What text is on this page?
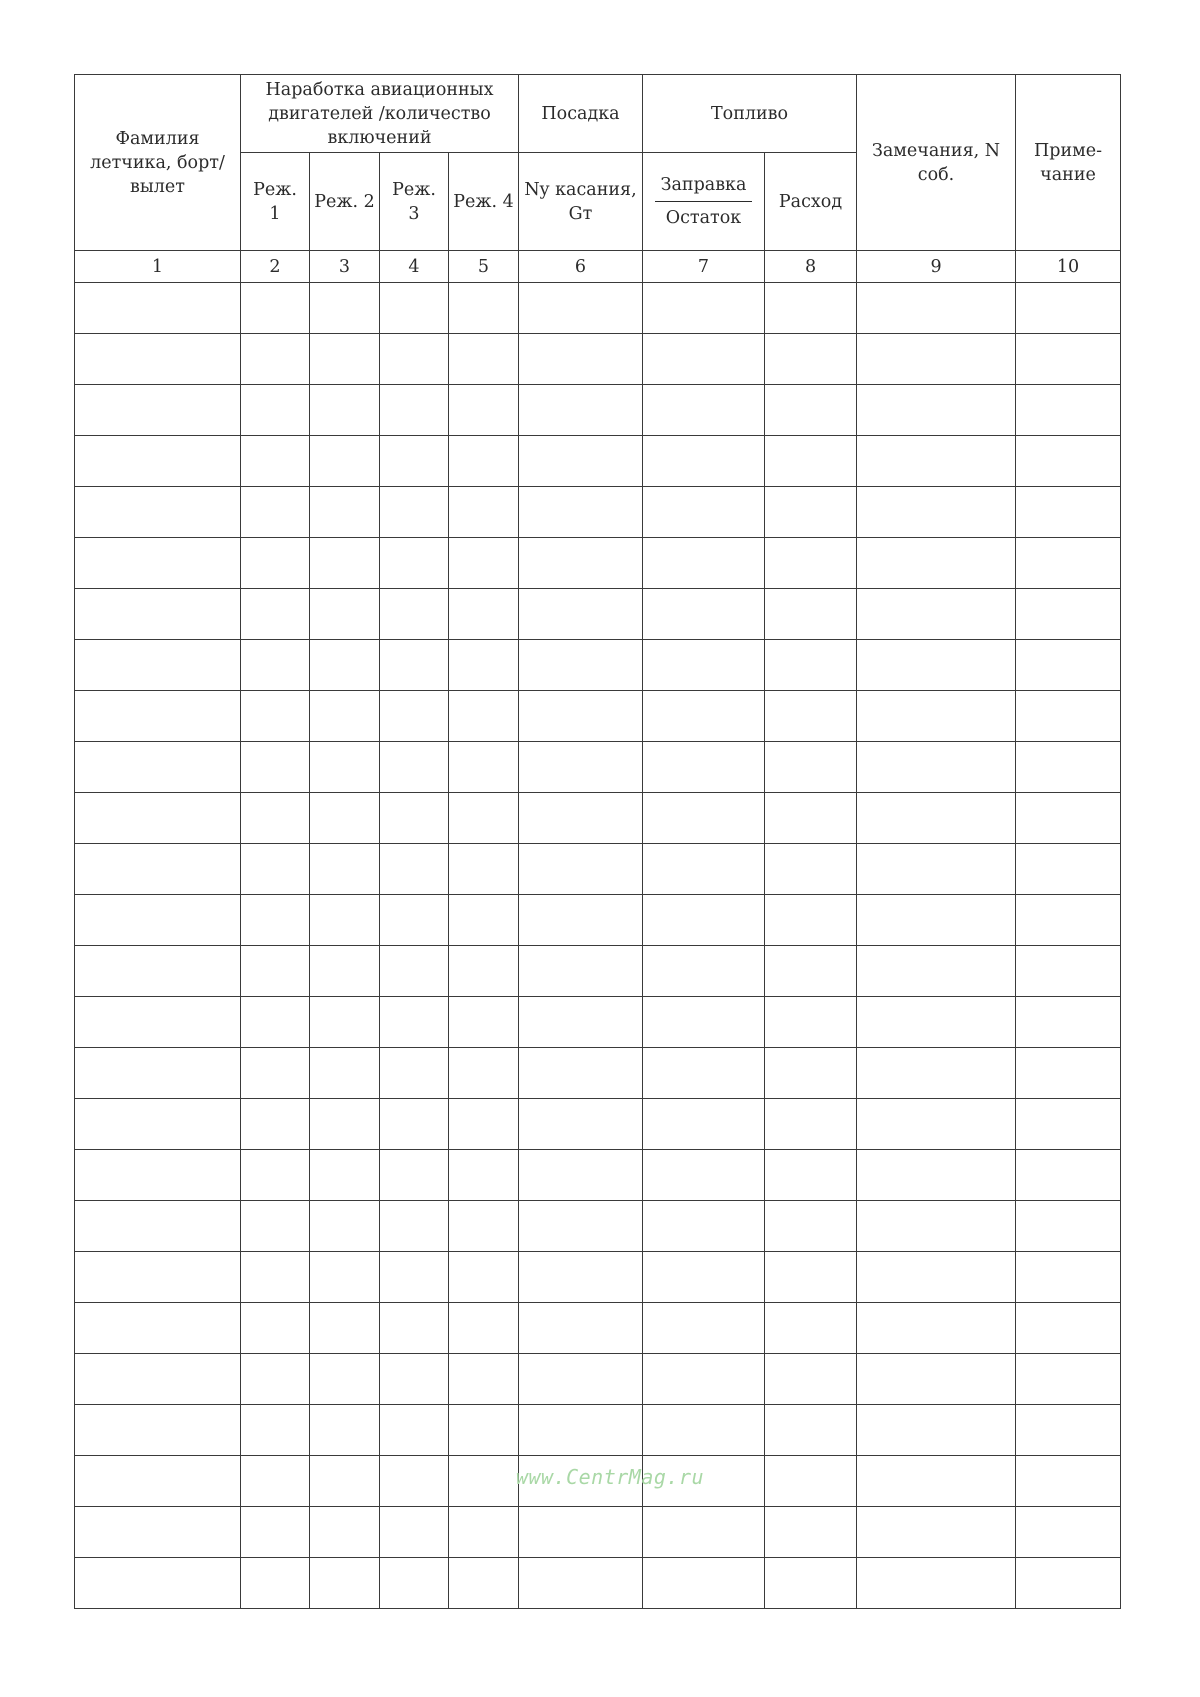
Фамилия летчика, борт/вылет	Наработка авиационных двигателей /количество включений				Посадка	Топливо		Замечания, N соб.	Приме-чание
	Реж. 1	Реж. 2	Реж. 3	Реж. 4	Ny касания, Gт	$\frac{\text{Заправка}}{\text{Остаток}}$	Расход		
1	2	3	4	5	6	7	8	9	10

www.CentrMag.ru
